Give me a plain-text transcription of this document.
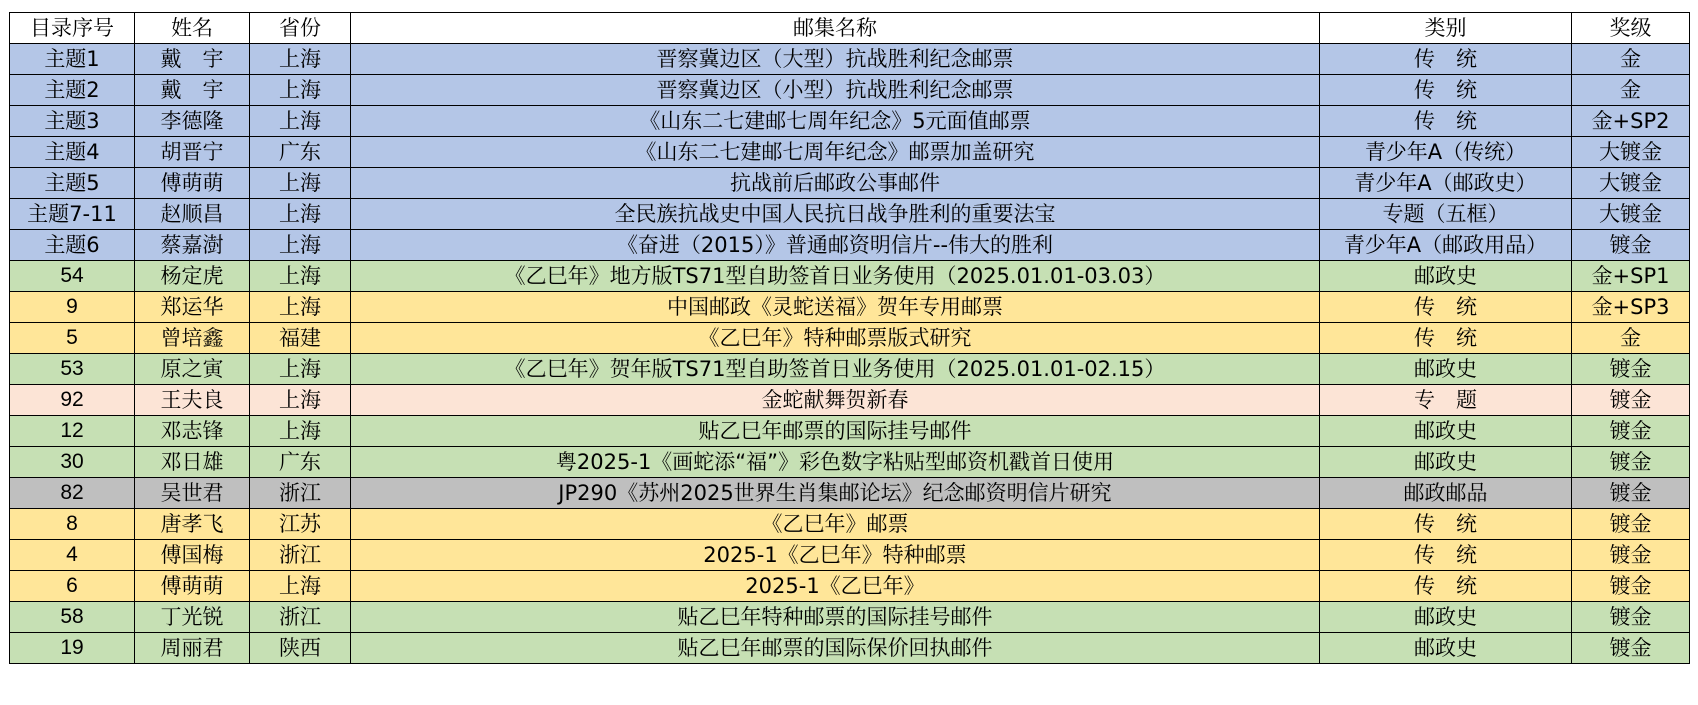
目录序号	姓名	省份	邮集名称	类别	奖级
主题1	戴　宇	上海	晋察冀边区（大型）抗战胜利纪念邮票	传　统	金
主题2	戴　宇	上海	晋察冀边区（小型）抗战胜利纪念邮票	传　统	金
主题3	李德隆	上海	《山东二七建邮七周年纪念》5元面值邮票	传　统	金+SP2
主题4	胡晋宁	广东	《山东二七建邮七周年纪念》邮票加盖研究	青少年A（传统）	大镀金
主题5	傅萌萌	上海	抗战前后邮政公事邮件	青少年A（邮政史）	大镀金
主题7-11	赵顺昌	上海	全民族抗战史中国人民抗日战争胜利的重要法宝	专题（五框）	大镀金
主题6	蔡嘉澍	上海	《奋进（2015）》普通邮资明信片--伟大的胜利	青少年A（邮政用品）	镀金
54	杨定虎	上海	《乙巳年》地方版TS71型自助签首日业务使用（2025.01.01-03.03）	邮政史	金+SP1
9	郑运华	上海	中国邮政《灵蛇送福》贺年专用邮票	传　统	金+SP3
5	曾培鑫	福建	《乙巳年》特种邮票版式研究	传　统	金
53	原之寅	上海	《乙巳年》贺年版TS71型自助签首日业务使用（2025.01.01-02.15）	邮政史	镀金
92	王夫良	上海	金蛇献舞贺新春	专　题	镀金
12	邓志锋	上海	贴乙巳年邮票的国际挂号邮件	邮政史	镀金
30	邓日雄	广东	粤2025-1《画蛇添“福”》彩色数字粘贴型邮资机戳首日使用	邮政史	镀金
82	吴世君	浙江	JP290《苏州2025世界生肖集邮论坛》纪念邮资明信片研究	邮政邮品	镀金
8	唐孝飞	江苏	《乙巳年》邮票	传　统	镀金
4	傅国梅	浙江	2025-1《乙巳年》特种邮票	传　统	镀金
6	傅萌萌	上海	2025-1《乙巳年》	传　统	镀金
58	丁光锐	浙江	贴乙巳年特种邮票的国际挂号邮件	邮政史	镀金
19	周丽君	陕西	贴乙巳年邮票的国际保价回执邮件	邮政史	镀金
